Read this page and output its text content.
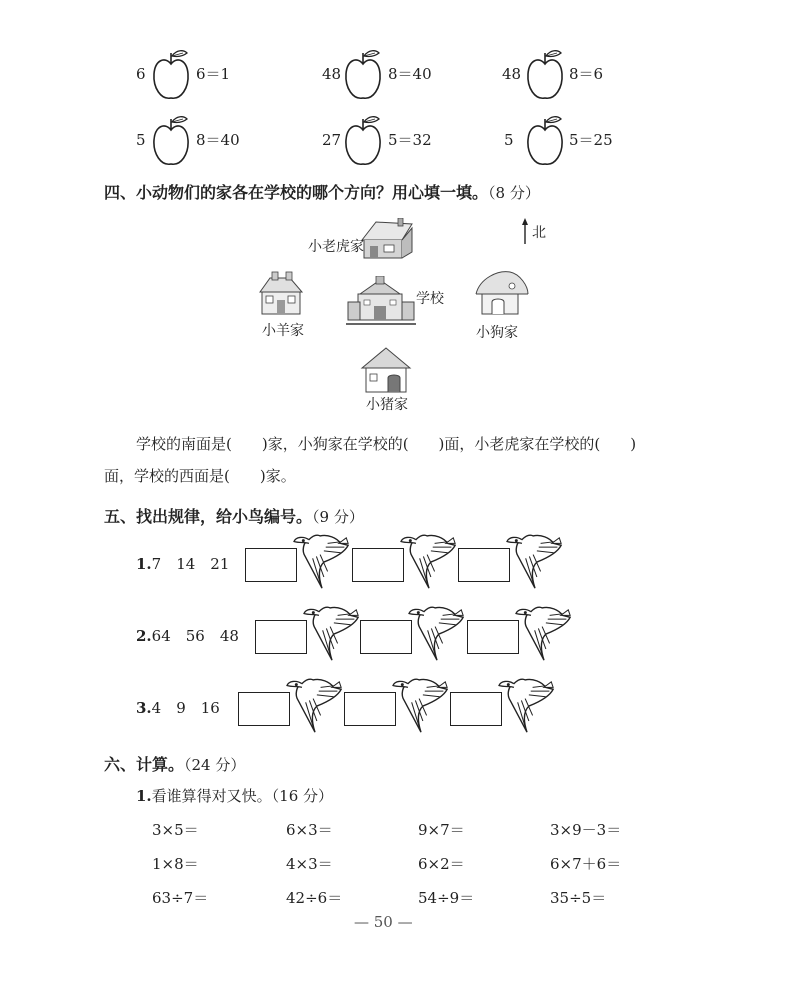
6	6＝1	48	8＝40	48	8＝6
5	8＝40	27	5＝32	5	5＝25
四、小动物们的家各在学校的哪个方向？用心填一填。（8 分）
北
小老虎家
小羊家
学校
小狗家
小猪家
学校的南面是(　　)家，小狗家在学校的(　　)面，小老虎家在学校的(　　)
面，学校的西面是(　　)家。
五、找出规律，给小鸟编号。（9 分）
1.7　14　21
2.64　56　48
3.4　9　16
六、计算。（24 分）
1.看谁算得对又快。（16 分）
3×5＝	6×3＝	9×7＝	3×9－3＝
1×8＝	4×3＝	6×2＝	6×7＋6＝
63÷7＝	42÷6＝	54÷9＝	35÷5＝
— 50 —
